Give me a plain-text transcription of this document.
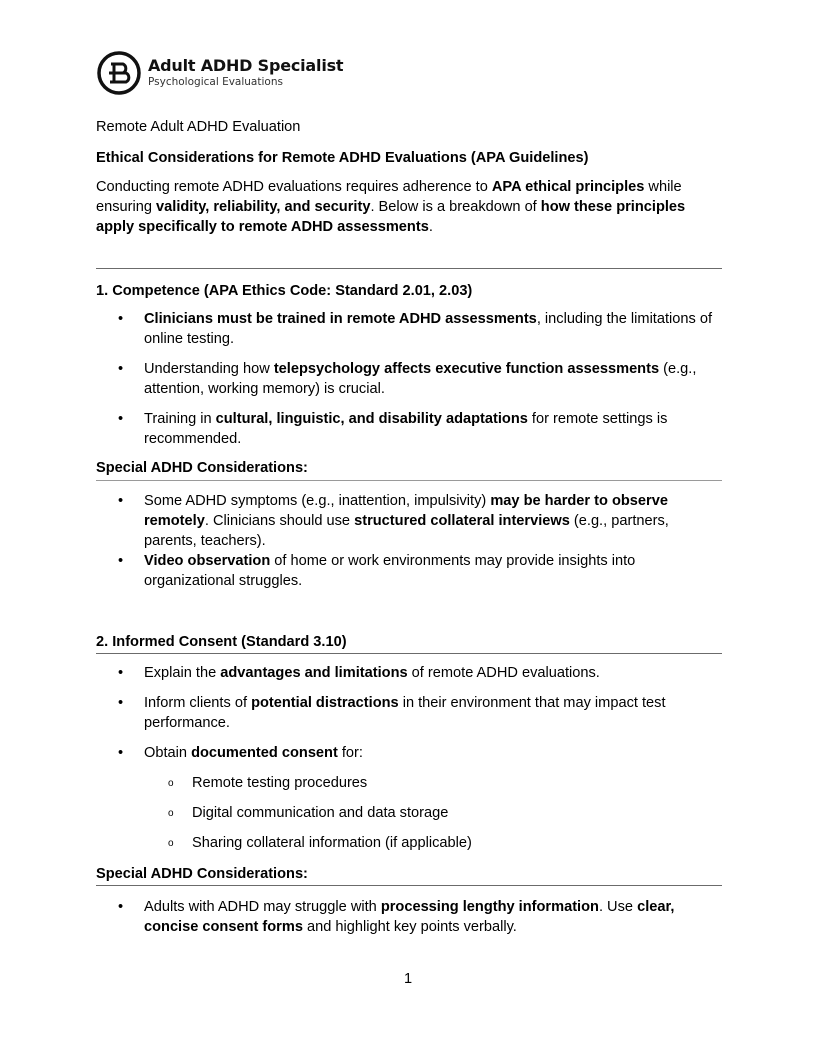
Adult ADHD Specialist
Psychological Evaluations
Remote Adult ADHD Evaluation
Ethical Considerations for Remote ADHD Evaluations (APA Guidelines)
Conducting remote ADHD evaluations requires adherence to APA ethical principles while ensuring validity, reliability, and security. Below is a breakdown of how these principles apply specifically to remote ADHD assessments.
1. Competence (APA Ethics Code: Standard 2.01, 2.03)
• Clinicians must be trained in remote ADHD assessments, including the limitations of online testing.
• Understanding how telepsychology affects executive function assessments (e.g., attention, working memory) is crucial.
• Training in cultural, linguistic, and disability adaptations for remote settings is recommended.
Special ADHD Considerations:
• Some ADHD symptoms (e.g., inattention, impulsivity) may be harder to observe remotely. Clinicians should use structured collateral interviews (e.g., partners, parents, teachers).
• Video observation of home or work environments may provide insights into organizational struggles.
2. Informed Consent (Standard 3.10)
• Explain the advantages and limitations of remote ADHD evaluations.
• Inform clients of potential distractions in their environment that may impact test performance.
• Obtain documented consent for:
o Remote testing procedures
o Digital communication and data storage
o Sharing collateral information (if applicable)
Special ADHD Considerations:
• Adults with ADHD may struggle with processing lengthy information. Use clear, concise consent forms and highlight key points verbally.
1
